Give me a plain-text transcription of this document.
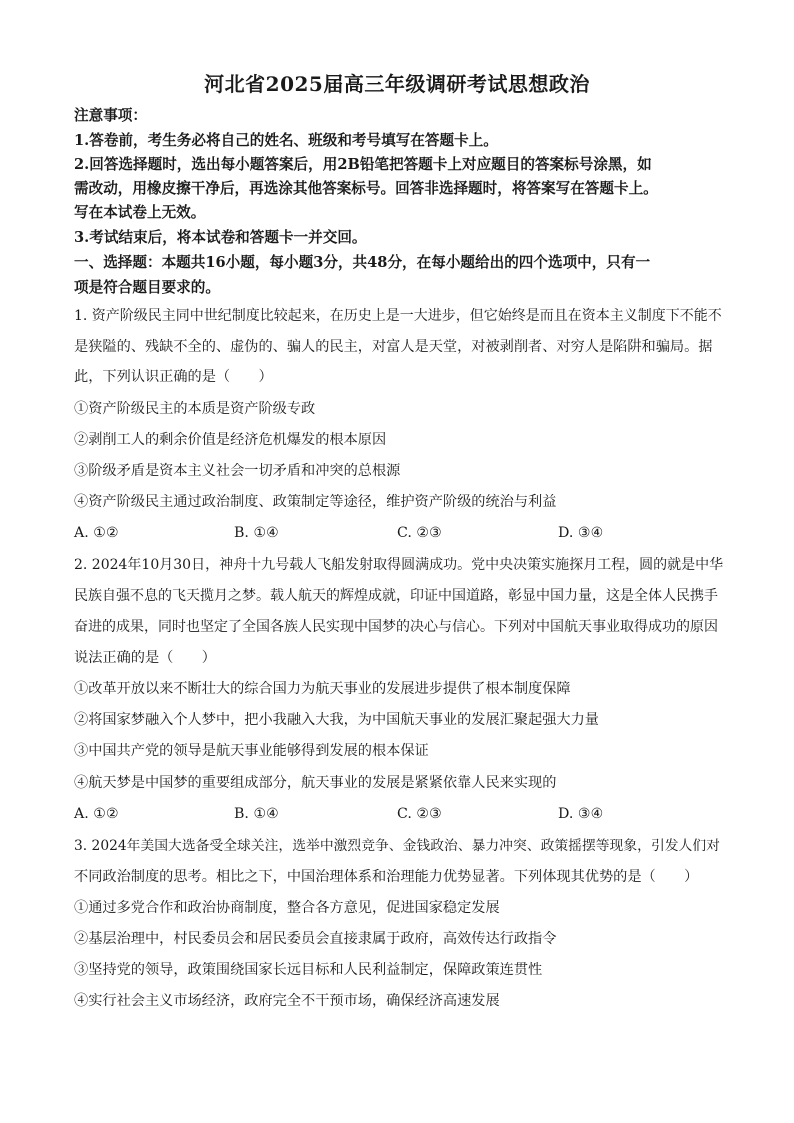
河北省2025届高三年级调研考试思想政治
注意事项：
1.答卷前，考生务必将自己的姓名、班级和考号填写在答题卡上。
2.回答选择题时，选出每小题答案后，用2B铅笔把答题卡上对应题目的答案标号涂黑，如
需改动，用橡皮擦干净后，再选涂其他答案标号。回答非选择题时，将答案写在答题卡上。
写在本试卷上无效。
3.考试结束后，将本试卷和答题卡一并交回。
一、选择题：本题共16小题，每小题3分，共48分，在每小题给出的四个选项中，只有一
项是符合题目要求的。
1. 资产阶级民主同中世纪制度比较起来，在历史上是一大进步，但它始终是而且在资本主义制度下不能不
是狭隘的、残缺不全的、虚伪的、骗人的民主，对富人是天堂，对被剥削者、对穷人是陷阱和骗局。据
此，下列认识正确的是（　　）
①资产阶级民主的本质是资产阶级专政
②剥削工人的剩余价值是经济危机爆发的根本原因
③阶级矛盾是资本主义社会一切矛盾和冲突的总根源
④资产阶级民主通过政治制度、政策制定等途径，维护资产阶级的统治与利益
A. ①②	B. ①④	C. ②③	D. ③④
2. 2024年10月30日，神舟十九号载人飞船发射取得圆满成功。党中央决策实施探月工程，圆的就是中华
民族自强不息的飞天揽月之梦。载人航天的辉煌成就，印证中国道路，彰显中国力量，这是全体人民携手
奋进的成果，同时也坚定了全国各族人民实现中国梦的决心与信心。下列对中国航天事业取得成功的原因
说法正确的是（　　）
①改革开放以来不断壮大的综合国力为航天事业的发展进步提供了根本制度保障
②将国家梦融入个人梦中，把小我融入大我，为中国航天事业的发展汇聚起强大力量
③中国共产党的领导是航天事业能够得到发展的根本保证
④航天梦是中国梦的重要组成部分，航天事业的发展是紧紧依靠人民来实现的
A. ①②	B. ①④	C. ②③	D. ③④
3. 2024年美国大选备受全球关注，选举中激烈竞争、金钱政治、暴力冲突、政策摇摆等现象，引发人们对
不同政治制度的思考。相比之下，中国治理体系和治理能力优势显著。下列体现其优势的是（　　）
①通过多党合作和政治协商制度，整合各方意见，促进国家稳定发展
②基层治理中，村民委员会和居民委员会直接隶属于政府，高效传达行政指令
③坚持党的领导，政策围绕国家长远目标和人民利益制定，保障政策连贯性
④实行社会主义市场经济，政府完全不干预市场，确保经济高速发展
